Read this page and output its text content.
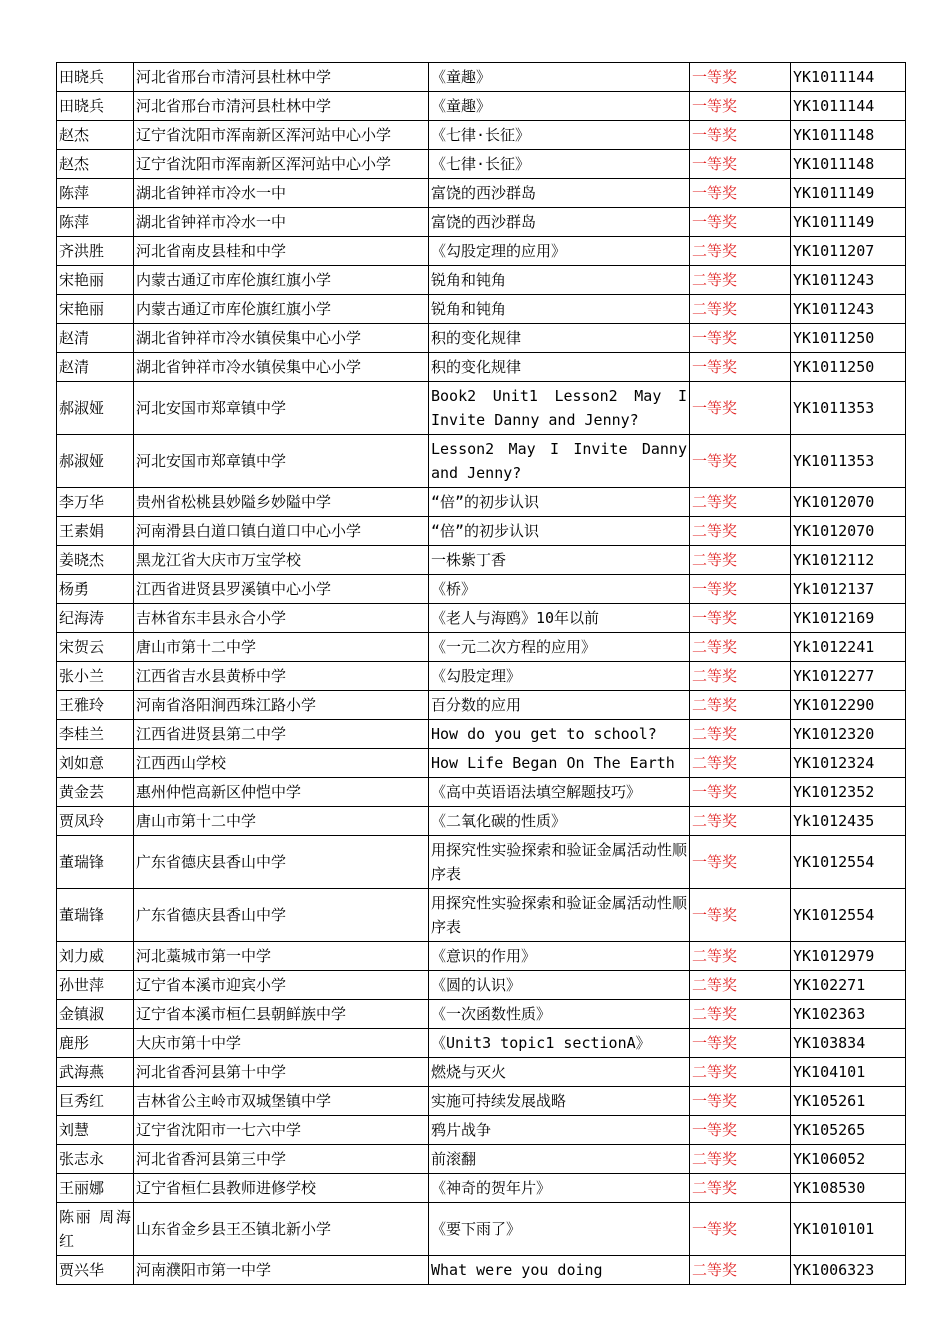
田晓兵	河北省邢台市清河县杜林中学	《童趣》	一等奖	YK1011144
田晓兵	河北省邢台市清河县杜林中学	《童趣》	一等奖	YK1011144
赵杰	辽宁省沈阳市浑南新区浑河站中心小学	《七律·长征》	一等奖	YK1011148
赵杰	辽宁省沈阳市浑南新区浑河站中心小学	《七律·长征》	一等奖	YK1011148
陈萍	湖北省钟祥市冷水一中	富饶的西沙群岛	一等奖	YK1011149
陈萍	湖北省钟祥市冷水一中	富饶的西沙群岛	一等奖	YK1011149
齐洪胜	河北省南皮县桂和中学	《勾股定理的应用》	二等奖	YK1011207
宋艳丽	内蒙古通辽市库伦旗红旗小学	锐角和钝角	二等奖	YK1011243
宋艳丽	内蒙古通辽市库伦旗红旗小学	锐角和钝角	二等奖	YK1011243
赵清	湖北省钟祥市冷水镇侯集中心小学	积的变化规律	一等奖	YK1011250
赵清	湖北省钟祥市冷水镇侯集中心小学	积的变化规律	一等奖	YK1011250
郝淑娅	河北安国市郑章镇中学	Book2 Unit1 Lesson2 May I Invite Danny and Jenny?	一等奖	YK1011353
郝淑娅	河北安国市郑章镇中学	Lesson2 May I Invite Danny and Jenny?	一等奖	YK1011353
李万华	贵州省松桃县妙隘乡妙隘中学	“倍”的初步认识	二等奖	YK1012070
王素娟	河南滑县白道口镇白道口中心小学	“倍”的初步认识	二等奖	YK1012070
姜晓杰	黑龙江省大庆市万宝学校	一株紫丁香	二等奖	YK1012112
杨勇	江西省进贤县罗溪镇中心小学	《桥》	一等奖	Yk1012137
纪海涛	吉林省东丰县永合小学	《老人与海鸥》10年以前	一等奖	YK1012169
宋贺云	唐山市第十二中学	《一元二次方程的应用》	二等奖	Yk1012241
张小兰	江西省吉水县黄桥中学	《勾股定理》	二等奖	YK1012277
王雅玲	河南省洛阳涧西珠江路小学	百分数的应用	二等奖	YK1012290
李桂兰	江西省进贤县第二中学	How do you get to school?	二等奖	YK1012320
刘如意	江西西山学校	How Life Began On The Earth	二等奖	YK1012324
黄金芸	惠州仲恺高新区仲恺中学	《高中英语语法填空解题技巧》	一等奖	YK1012352
贾凤玲	唐山市第十二中学	《二氧化碳的性质》	二等奖	Yk1012435
董瑞锋	广东省德庆县香山中学	用探究性实验探索和验证金属活动性顺序表	一等奖	YK1012554
董瑞锋	广东省德庆县香山中学	用探究性实验探索和验证金属活动性顺序表	一等奖	YK1012554
刘力威	河北藁城市第一中学	《意识的作用》	二等奖	YK1012979
孙世萍	辽宁省本溪市迎宾小学	《圆的认识》	二等奖	YK102271
金镇淑	辽宁省本溪市桓仁县朝鲜族中学	《一次函数性质》	二等奖	YK102363
鹿彤	大庆市第十中学	《Unit3 topic1 sectionA》	一等奖	YK103834
武海燕	河北省香河县第十中学	燃烧与灭火	二等奖	YK104101
巨秀红	吉林省公主岭市双城堡镇中学	实施可持续发展战略	一等奖	YK105261
刘慧	辽宁省沈阳市一七六中学	鸦片战争	一等奖	YK105265
张志永	河北省香河县第三中学	前滚翻	二等奖	YK106052
王丽娜	辽宁省桓仁县教师进修学校	《神奇的贺年片》	二等奖	YK108530
陈丽 周海红	山东省金乡县王丕镇北新小学	《要下雨了》	一等奖	YK1010101
贾兴华	河南濮阳市第一中学	What were you doing	二等奖	YK1006323
